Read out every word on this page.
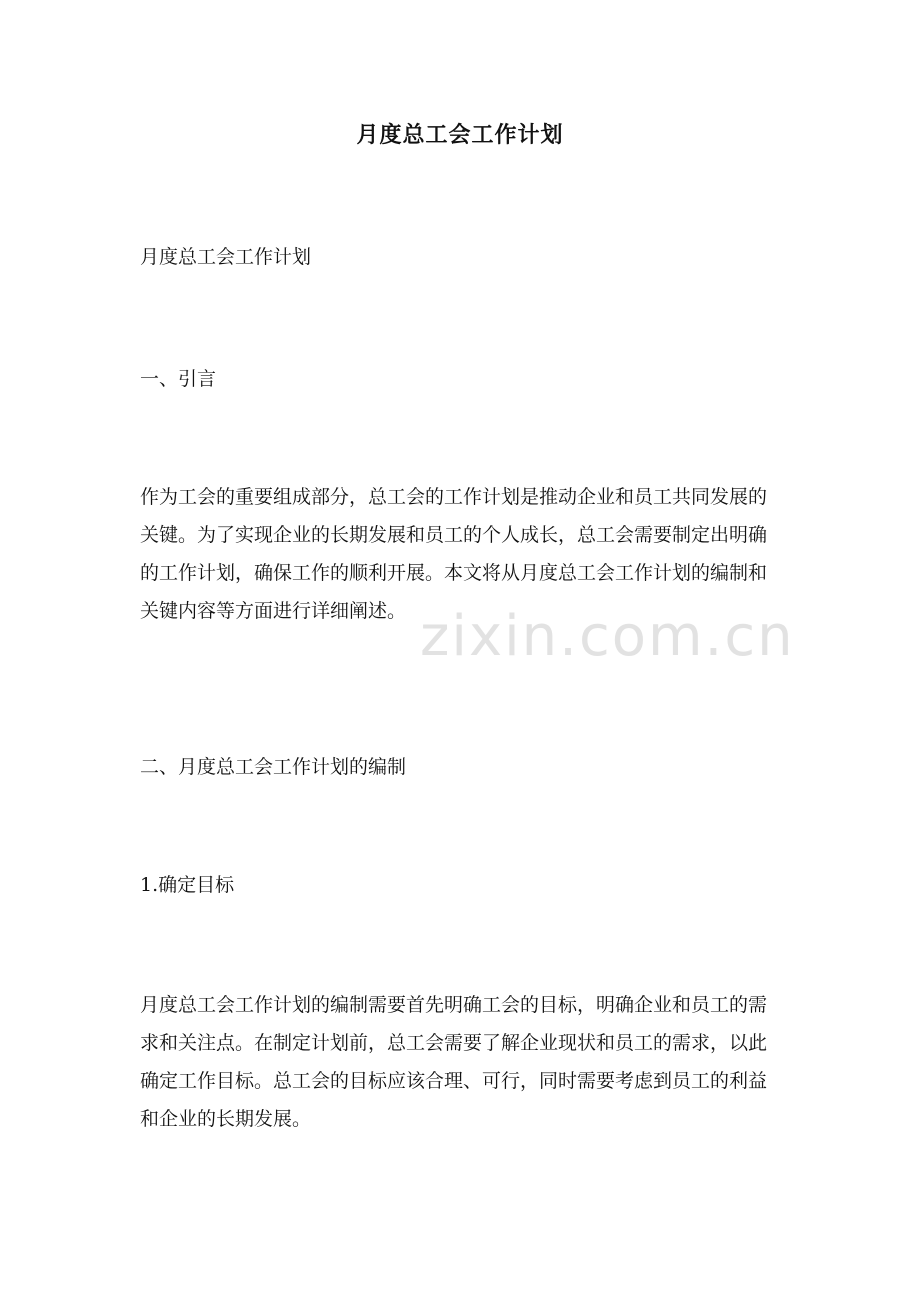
zixin.com.cn
月度总工会工作计划
月度总工会工作计划
一、引言
作为工会的重要组成部分，总工会的工作计划是推动企业和员工共同发展的关键。为了实现企业的长期发展和员工的个人成长，总工会需要制定出明确的工作计划，确保工作的顺利开展。本文将从月度总工会工作计划的编制和关键内容等方面进行详细阐述。
二、月度总工会工作计划的编制
1.确定目标
月度总工会工作计划的编制需要首先明确工会的目标，明确企业和员工的需求和关注点。在制定计划前，总工会需要了解企业现状和员工的需求，以此确定工作目标。总工会的目标应该合理、可行，同时需要考虑到员工的利益和企业的长期发展。
